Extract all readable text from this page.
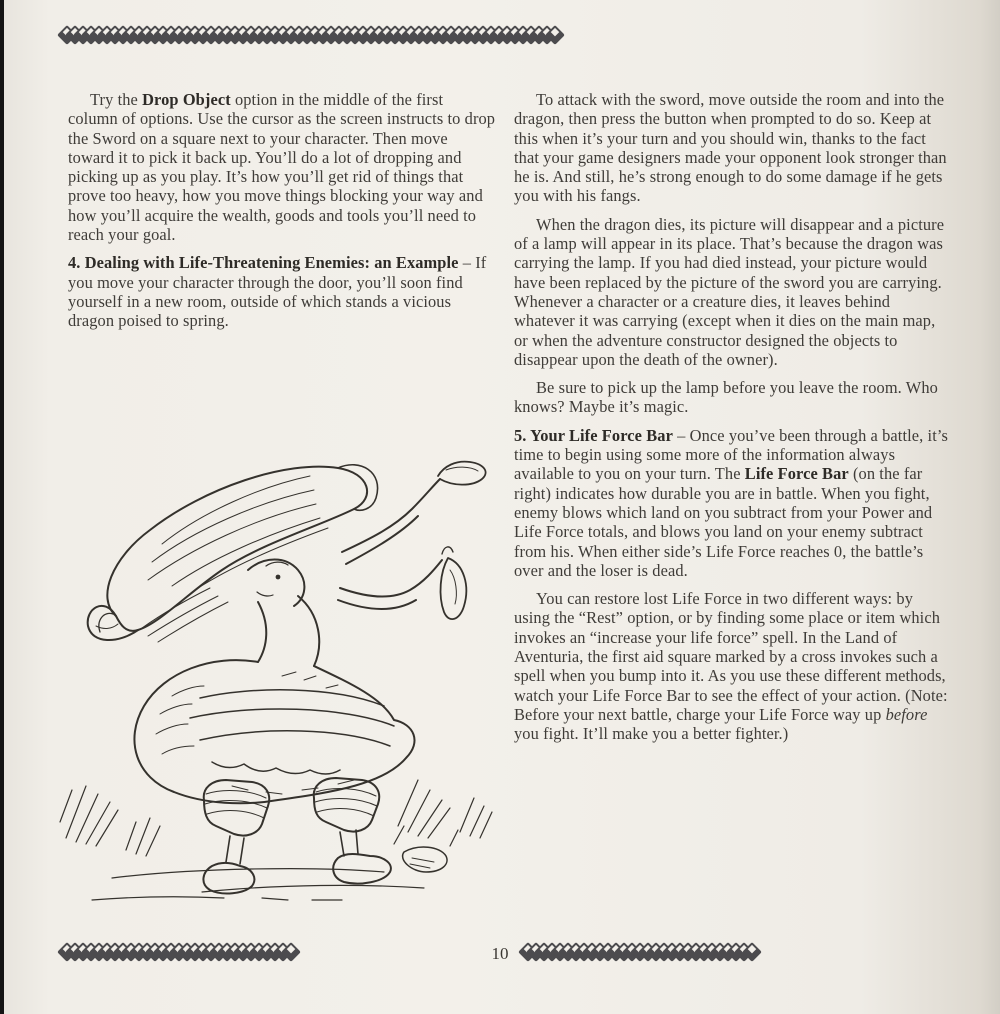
Try the Drop Object option in the middle of the first column of options. Use the cursor as the screen instructs to drop the Sword on a square next to your character. Then move toward it to pick it back up. You’ll do a lot of dropping and picking up as you play. It’s how you’ll get rid of things that prove too heavy, how you move things blocking your way and how you’ll acquire the wealth, goods and tools you’ll need to reach your goal.

4. Dealing with Life-Threatening Enemies: an Example – If you move your character through the door, you’ll soon find yourself in a new room, outside of which stands a vicious dragon poised to spring.

To attack with the sword, move outside the room and into the dragon, then press the button when prompted to do so. Keep at this when it’s your turn and you should win, thanks to the fact that your game designers made your opponent look stronger than he is. And still, he’s strong enough to do some damage if he gets you with his fangs.

When the dragon dies, its picture will disappear and a picture of a lamp will appear in its place. That’s because the dragon was carrying the lamp. If you had died instead, your picture would have been replaced by the picture of the sword you are carrying. Whenever a character or a creature dies, it leaves behind whatever it was carrying (except when it dies on the main map, or when the adventure constructor designed the objects to disappear upon the death of the owner).

Be sure to pick up the lamp before you leave the room. Who knows? Maybe it’s magic.

5. Your Life Force Bar – Once you’ve been through a battle, it’s time to begin using some more of the information always available to you on your turn. The Life Force Bar (on the far right) indicates how durable you are in battle. When you fight, enemy blows which land on you subtract from your Power and Life Force totals, and blows you land on your enemy subtract from his. When either side’s Life Force reaches 0, the battle’s over and the loser is dead.

You can restore lost Life Force in two different ways: by using the “Rest” option, or by finding some place or item which invokes an “increase your life force” spell. In the Land of Aventuria, the first aid square marked by a cross invokes such a spell when you bump into it. As you use these different methods, watch your Life Force Bar to see the effect of your action. (Note: Before your next battle, charge your Life Force way up before you fight. It’ll make you a better fighter.)

10
